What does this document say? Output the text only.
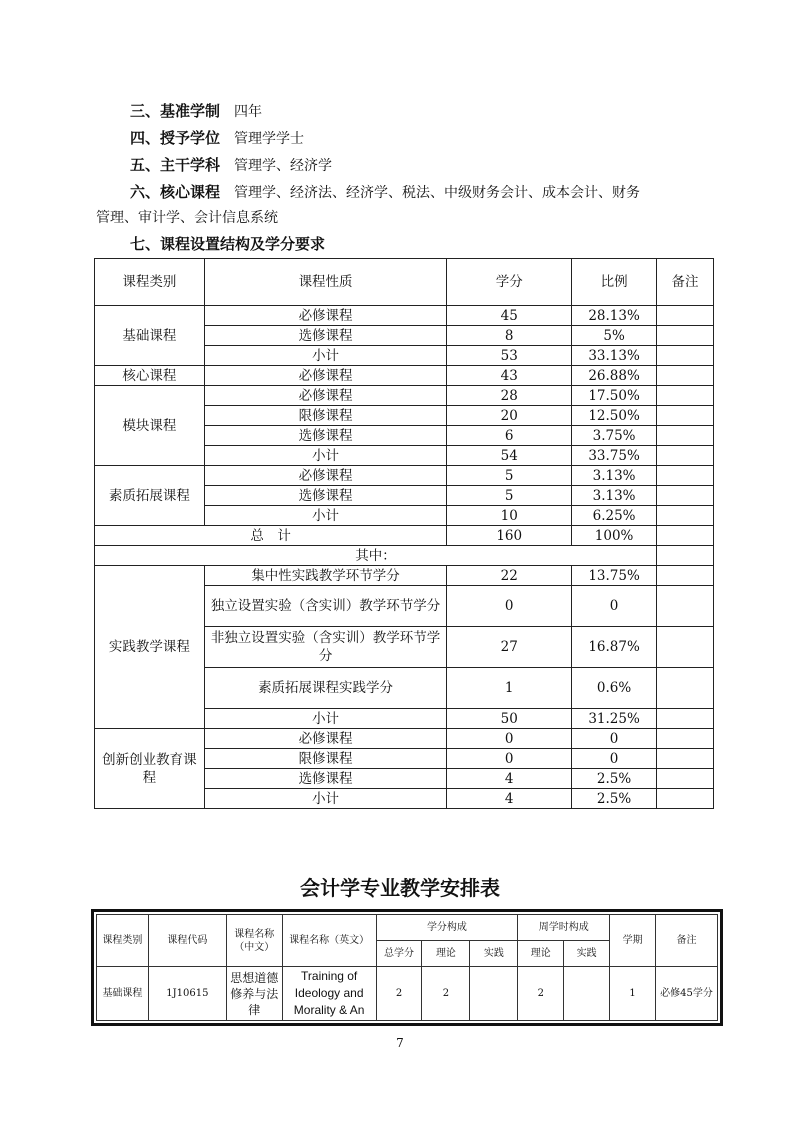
三、基准学制 四年
四、授予学位 管理学学士
五、主干学科 管理学、经济学
六、核心课程 管理学、经济法、经济学、税法、中级财务会计、成本会计、财务
管理、审计学、会计信息系统
七、课程设置结构及学分要求
课程类别	课程性质	学分	比例	备注
基础课程	必修课程	45	28.13%	
	选修课程	8	5%	
	小计	53	33.13%	
核心课程	必修课程	43	26.88%	
模块课程	必修课程	28	17.50%	
	限修课程	20	12.50%	
	选修课程	6	3.75%	
	小计	54	33.75%	
素质拓展课程	必修课程	5	3.13%	
	选修课程	5	3.13%	
	小计	10	6.25%	
总　计		160	100%	
其中：				
实践教学课程	集中性实践教学环节学分	22	13.75%	
	独立设置实验（含实训）教学环节学分	0	0	
	非独立设置实验（含实训）教学环节学分	27	16.87%	
	素质拓展课程实践学分	1	0.6%	
	小计	50	31.25%	
创新创业教育课程	必修课程	0	0	
	限修课程	0	0	
	选修课程	4	2.5%	
	小计	4	2.5%	
会计学专业教学安排表
课程类别	课程代码	课程名称（中文）	课程名称（英文）	学分构成			周学时构成		学期	备注
				总学分	理论	实践	理论	实践		
基础课程	1J10615	思想道德修养与法律	Training of Ideology and Morality & An	2	2		2		1	必修45学分
7
